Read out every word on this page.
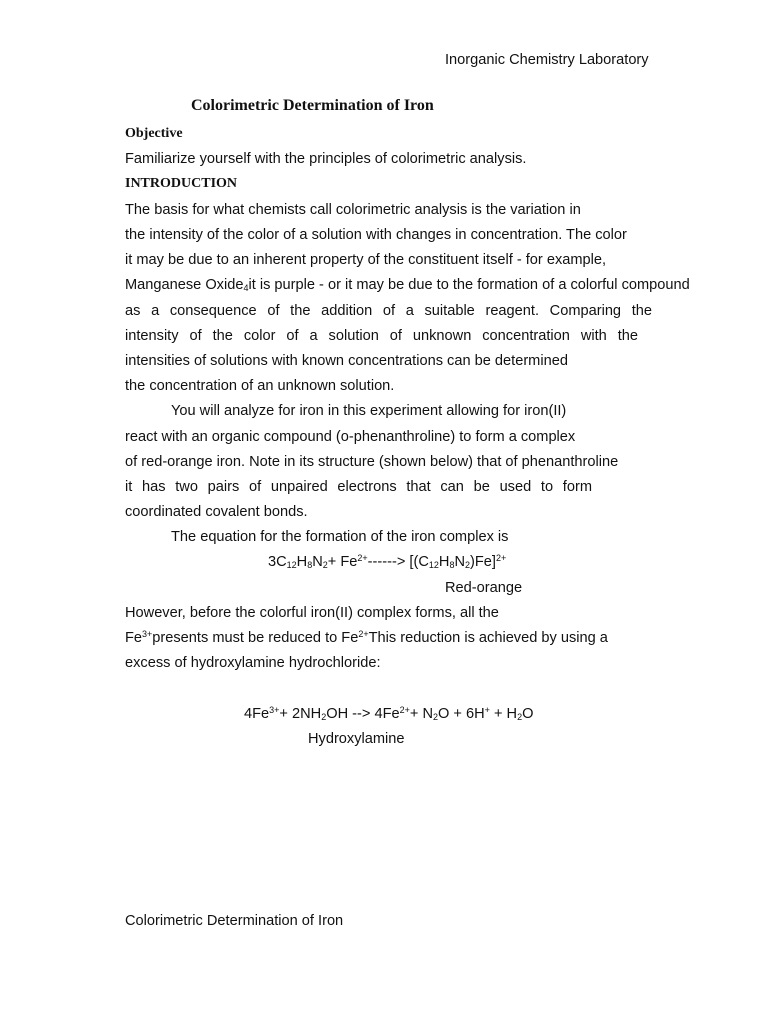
Inorganic Chemistry Laboratory
Colorimetric Determination of Iron
Objective
Familiarize yourself with the principles of colorimetric analysis.
INTRODUCTION
The basis for what chemists call colorimetric analysis is the variation in
the intensity of the color of a solution with changes in concentration. The color
it may be due to an inherent property of the constituent itself - for example,
Manganese Oxide$_4$it is purple - or it may be due to the formation of a colorful compound
as a consequence of the addition of a suitable reagent. Comparing the
intensity of the color of a solution of unknown concentration with the
intensities of solutions with known concentrations can be determined
the concentration of an unknown solution.
You will analyze for iron in this experiment allowing for iron(II)
react with an organic compound (o-phenanthroline) to form a complex
of red-orange iron. Note in its structure (shown below) that of phenanthroline
it has two pairs of unpaired electrons that can be used to form
coordinated covalent bonds.
The equation for the formation of the iron complex is
$3C_{12}H_8N_2+ Fe^{2+}------> [(C_{12}H_8N_2)Fe]^{2+}$
Red-orange
However, before the colorful iron(II) complex forms, all the
$Fe^{3+}presents$ must be reduced to $Fe^{2+}This$ reduction is achieved by using a
excess of hydroxylamine hydrochloride:
$4Fe^{3+}+ 2NH_2OH$ --> $4Fe^{2+}+ N_2O + 6H^+ + H_2O$
Hydroxylamine
Colorimetric Determination of Iron
